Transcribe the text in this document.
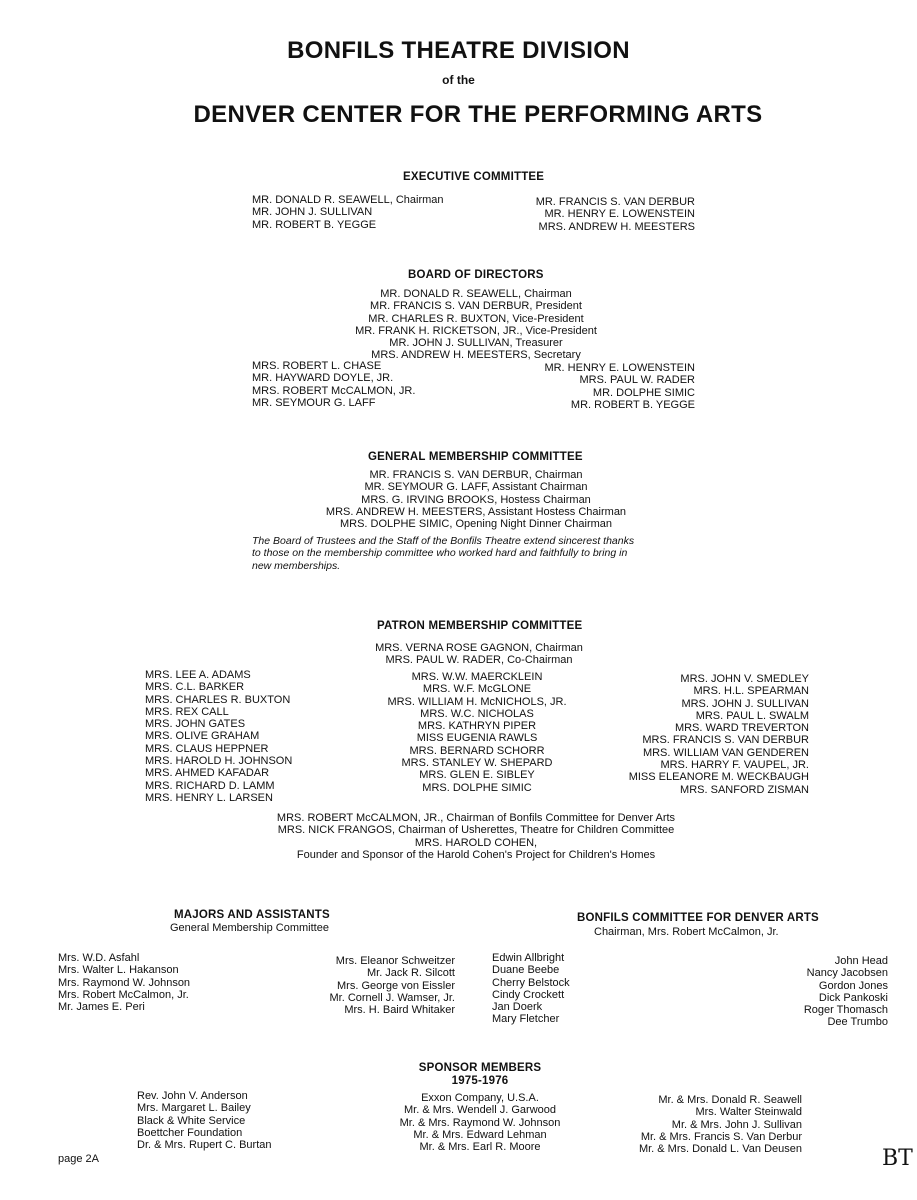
BONFILS THEATRE DIVISION
of the
DENVER CENTER FOR THE PERFORMING ARTS
EXECUTIVE COMMITTEE
MR. DONALD R. SEAWELL, Chairman
MR. JOHN J. SULLIVAN
MR. ROBERT B. YEGGE
MR. FRANCIS S. VAN DERBUR
MR. HENRY E. LOWENSTEIN
MRS. ANDREW H. MEESTERS
BOARD OF DIRECTORS
MR. DONALD R. SEAWELL, Chairman
MR. FRANCIS S. VAN DERBUR, President
MR. CHARLES R. BUXTON, Vice-President
MR. FRANK H. RICKETSON, JR., Vice-President
MR. JOHN J. SULLIVAN, Treasurer
MRS. ANDREW H. MEESTERS, Secretary
MRS. ROBERT L. CHASE
MR. HAYWARD DOYLE, JR.
MRS. ROBERT McCALMON, JR.
MR. SEYMOUR G. LAFF
MR. HENRY E. LOWENSTEIN
MRS. PAUL W. RADER
MR. DOLPHE SIMIC
MR. ROBERT B. YEGGE
GENERAL MEMBERSHIP COMMITTEE
MR. FRANCIS S. VAN DERBUR, Chairman
MR. SEYMOUR G. LAFF, Assistant Chairman
MRS. G. IRVING BROOKS, Hostess Chairman
MRS. ANDREW H. MEESTERS, Assistant Hostess Chairman
MRS. DOLPHE SIMIC, Opening Night Dinner Chairman
The Board of Trustees and the Staff of the Bonfils Theatre extend sincerest thanks
to those on the membership committee who worked hard and faithfully to bring in
new memberships.
PATRON MEMBERSHIP COMMITTEE
MRS. VERNA ROSE GAGNON, Chairman
MRS. PAUL W. RADER, Co-Chairman
MRS. LEE A. ADAMS
MRS. C.L. BARKER
MRS. CHARLES R. BUXTON
MRS. REX CALL
MRS. JOHN GATES
MRS. OLIVE GRAHAM
MRS. CLAUS HEPPNER
MRS. HAROLD H. JOHNSON
MRS. AHMED KAFADAR
MRS. RICHARD D. LAMM
MRS. HENRY L. LARSEN
MRS. W.W. MAERCKLEIN
MRS. W.F. McGLONE
MRS. WILLIAM H. McNICHOLS, JR.
MRS. W.C. NICHOLAS
MRS. KATHRYN PIPER
MISS EUGENIA RAWLS
MRS. BERNARD SCHORR
MRS. STANLEY W. SHEPARD
MRS. GLEN E. SIBLEY
MRS. DOLPHE SIMIC
MRS. JOHN V. SMEDLEY
MRS. H.L. SPEARMAN
MRS. JOHN J. SULLIVAN
MRS. PAUL L. SWALM
MRS. WARD TREVERTON
MRS. FRANCIS S. VAN DERBUR
MRS. WILLIAM VAN GENDEREN
MRS. HARRY F. VAUPEL, JR.
MISS ELEANORE M. WECKBAUGH
MRS. SANFORD ZISMAN
MRS. ROBERT McCALMON, JR., Chairman of Bonfils Committee for Denver Arts
MRS. NICK FRANGOS, Chairman of Usherettes, Theatre for Children Committee
MRS. HAROLD COHEN,
Founder and Sponsor of the Harold Cohen's Project for Children's Homes
MAJORS AND ASSISTANTS
General Membership Committee
Mrs. W.D. Asfahl
Mrs. Walter L. Hakanson
Mrs. Raymond W. Johnson
Mrs. Robert McCalmon, Jr.
Mr. James E. Peri
Mrs. Eleanor Schweitzer
Mr. Jack R. Silcott
Mrs. George von Eissler
Mr. Cornell J. Wamser, Jr.
Mrs. H. Baird Whitaker
BONFILS COMMITTEE FOR DENVER ARTS
Chairman, Mrs. Robert McCalmon, Jr.
Edwin Allbright
Duane Beebe
Cherry Belstock
Cindy Crockett
Jan Doerk
Mary Fletcher
John Head
Nancy Jacobsen
Gordon Jones
Dick Pankoski
Roger Thomasch
Dee Trumbo
SPONSOR MEMBERS
1975-1976
Rev. John V. Anderson
Mrs. Margaret L. Bailey
Black & White Service
Boettcher Foundation
Dr. & Mrs. Rupert C. Burtan
Exxon Company, U.S.A.
Mr. & Mrs. Wendell J. Garwood
Mr. & Mrs. Raymond W. Johnson
Mr. & Mrs. Edward Lehman
Mr. & Mrs. Earl R. Moore
Mr. & Mrs. Donald R. Seawell
Mrs. Walter Steinwald
Mr. & Mrs. John J. Sullivan
Mr. & Mrs. Francis S. Van Derbur
Mr. & Mrs. Donald L. Van Deusen
page 2A	BT
